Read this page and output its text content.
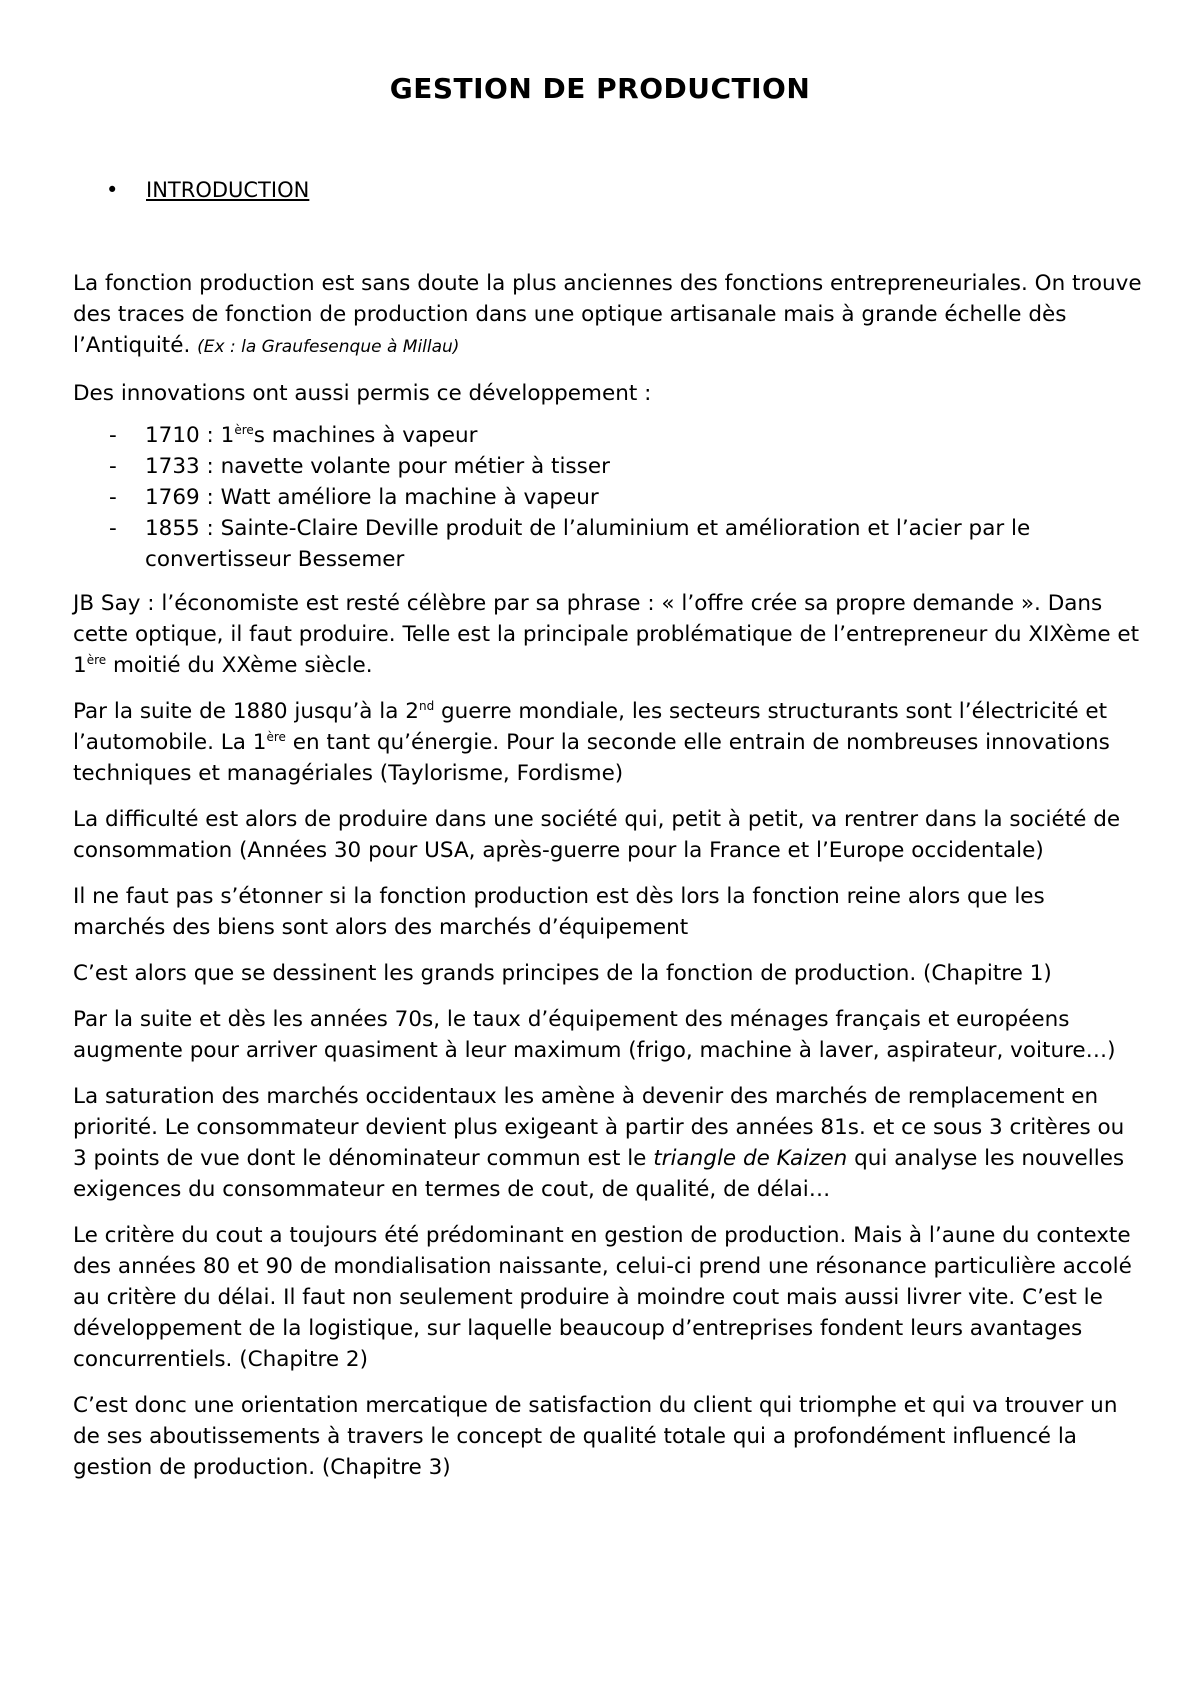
GESTION DE PRODUCTION
• INTRODUCTION

La fonction production est sans doute la plus anciennes des fonctions entrepreneuriales. On trouve des traces de fonction de production dans une optique artisanale mais à grande échelle dès l’Antiquité. (Ex : la Graufesenque à Millau)

Des innovations ont aussi permis ce développement :

- 1710 : 1ères machines à vapeur
- 1733 : navette volante pour métier à tisser
- 1769 : Watt améliore la machine à vapeur
- 1855 : Sainte-Claire Deville produit de l’aluminium et amélioration et l’acier par le convertisseur Bessemer

JB Say : l’économiste est resté célèbre par sa phrase : « l’offre crée sa propre demande ». Dans cette optique, il faut produire. Telle est la principale problématique de l’entrepreneur du XIXème et 1ère moitié du XXème siècle.

Par la suite de 1880 jusqu’à la 2nd guerre mondiale, les secteurs structurants sont l’électricité et l’automobile. La 1ère en tant qu’énergie. Pour la seconde elle entrain de nombreuses innovations techniques et managériales (Taylorisme, Fordisme)

La difficulté est alors de produire dans une société qui, petit à petit, va rentrer dans la société de consommation (Années 30 pour USA, après-guerre pour la France et l’Europe occidentale)

Il ne faut pas s’étonner si la fonction production est dès lors la fonction reine alors que les marchés des biens sont alors des marchés d’équipement

C’est alors que se dessinent les grands principes de la fonction de production. (Chapitre 1)

Par la suite et dès les années 70s, le taux d’équipement des ménages français et européens augmente pour arriver quasiment à leur maximum (frigo, machine à laver, aspirateur, voiture…)

La saturation des marchés occidentaux les amène à devenir des marchés de remplacement en priorité. Le consommateur devient plus exigeant à partir des années 81s. et ce sous 3 critères ou 3 points de vue dont le dénominateur commun est le triangle de Kaizen qui analyse les nouvelles exigences du consommateur en termes de cout, de qualité, de délai…

Le critère du cout a toujours été prédominant en gestion de production. Mais à l’aune du contexte des années 80 et 90 de mondialisation naissante, celui-ci prend une résonance particulière accolé au critère du délai. Il faut non seulement produire à moindre cout mais aussi livrer vite. C’est le développement de la logistique, sur laquelle beaucoup d’entreprises fondent leurs avantages concurrentiels. (Chapitre 2)

C’est donc une orientation mercatique de satisfaction du client qui triomphe et qui va trouver un de ses aboutissements à travers le concept de qualité totale qui a profondément influencé la gestion de production. (Chapitre 3)
